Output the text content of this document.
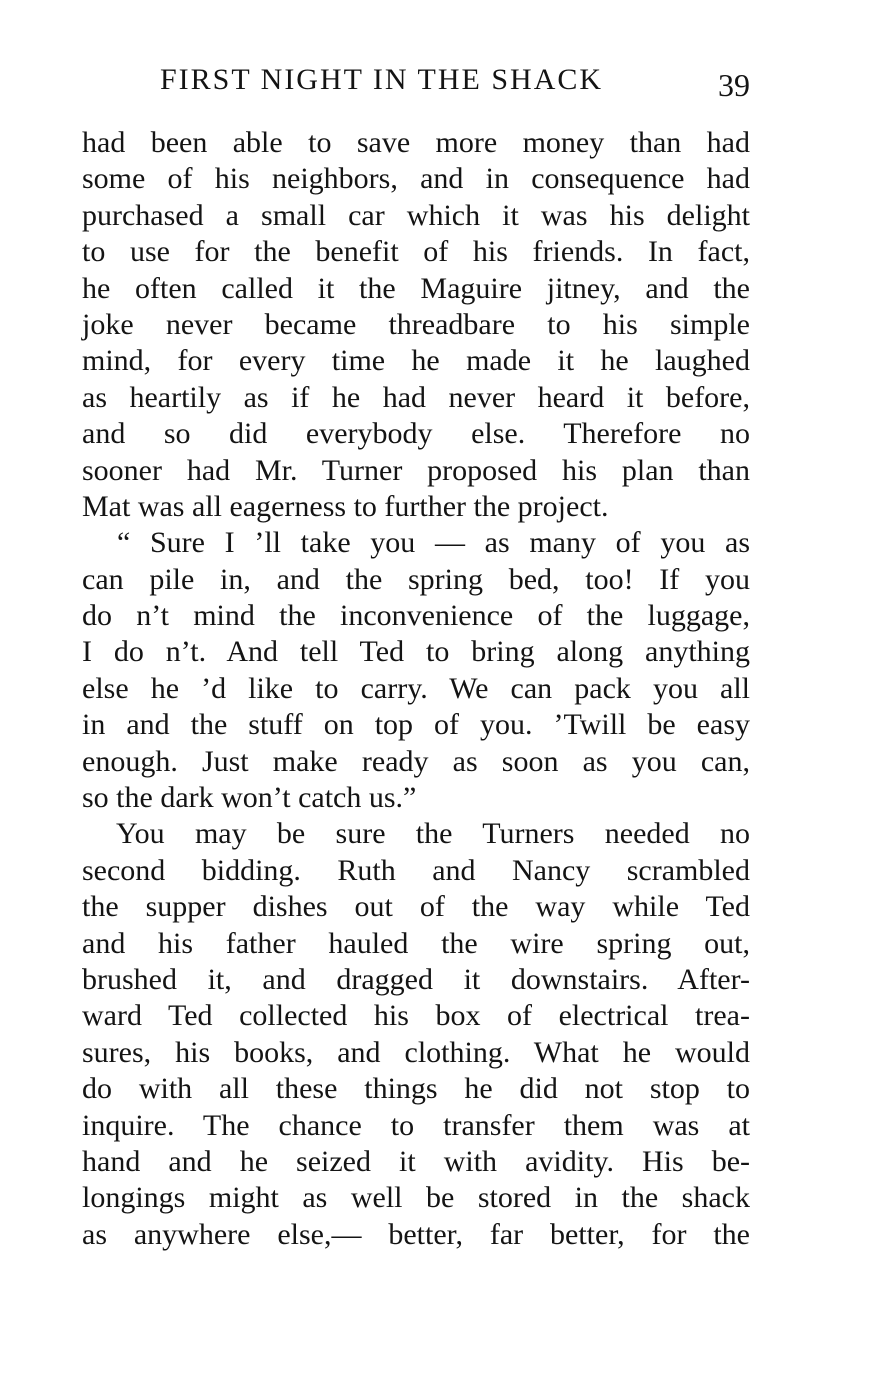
FIRST NIGHT IN THE SHACK	39
had been able to save more money than had
some of his neighbors, and in consequence had
purchased a small car which it was his delight
to use for the benefit of his friends. In fact,
he often called it the Maguire jitney, and the
joke never became threadbare to his simple
mind, for every time he made it he laughed
as heartily as if he had never heard it before,
and so did everybody else. Therefore no
sooner had Mr. Turner proposed his plan than
Mat was all eagerness to further the project.
“ Sure I ’ll take you — as many of you as
can pile in, and the spring bed, too! If you
do n’t mind the inconvenience of the luggage,
I do n’t. And tell Ted to bring along anything
else he ’d like to carry. We can pack you all
in and the stuff on top of you. ’Twill be easy
enough. Just make ready as soon as you can,
so the dark won’t catch us.”
You may be sure the Turners needed no
second bidding. Ruth and Nancy scrambled
the supper dishes out of the way while Ted
and his father hauled the wire spring out,
brushed it, and dragged it downstairs. After-
ward Ted collected his box of electrical trea-
sures, his books, and clothing. What he would
do with all these things he did not stop to
inquire. The chance to transfer them was at
hand and he seized it with avidity. His be-
longings might as well be stored in the shack
as anywhere else,— better, far better, for the
